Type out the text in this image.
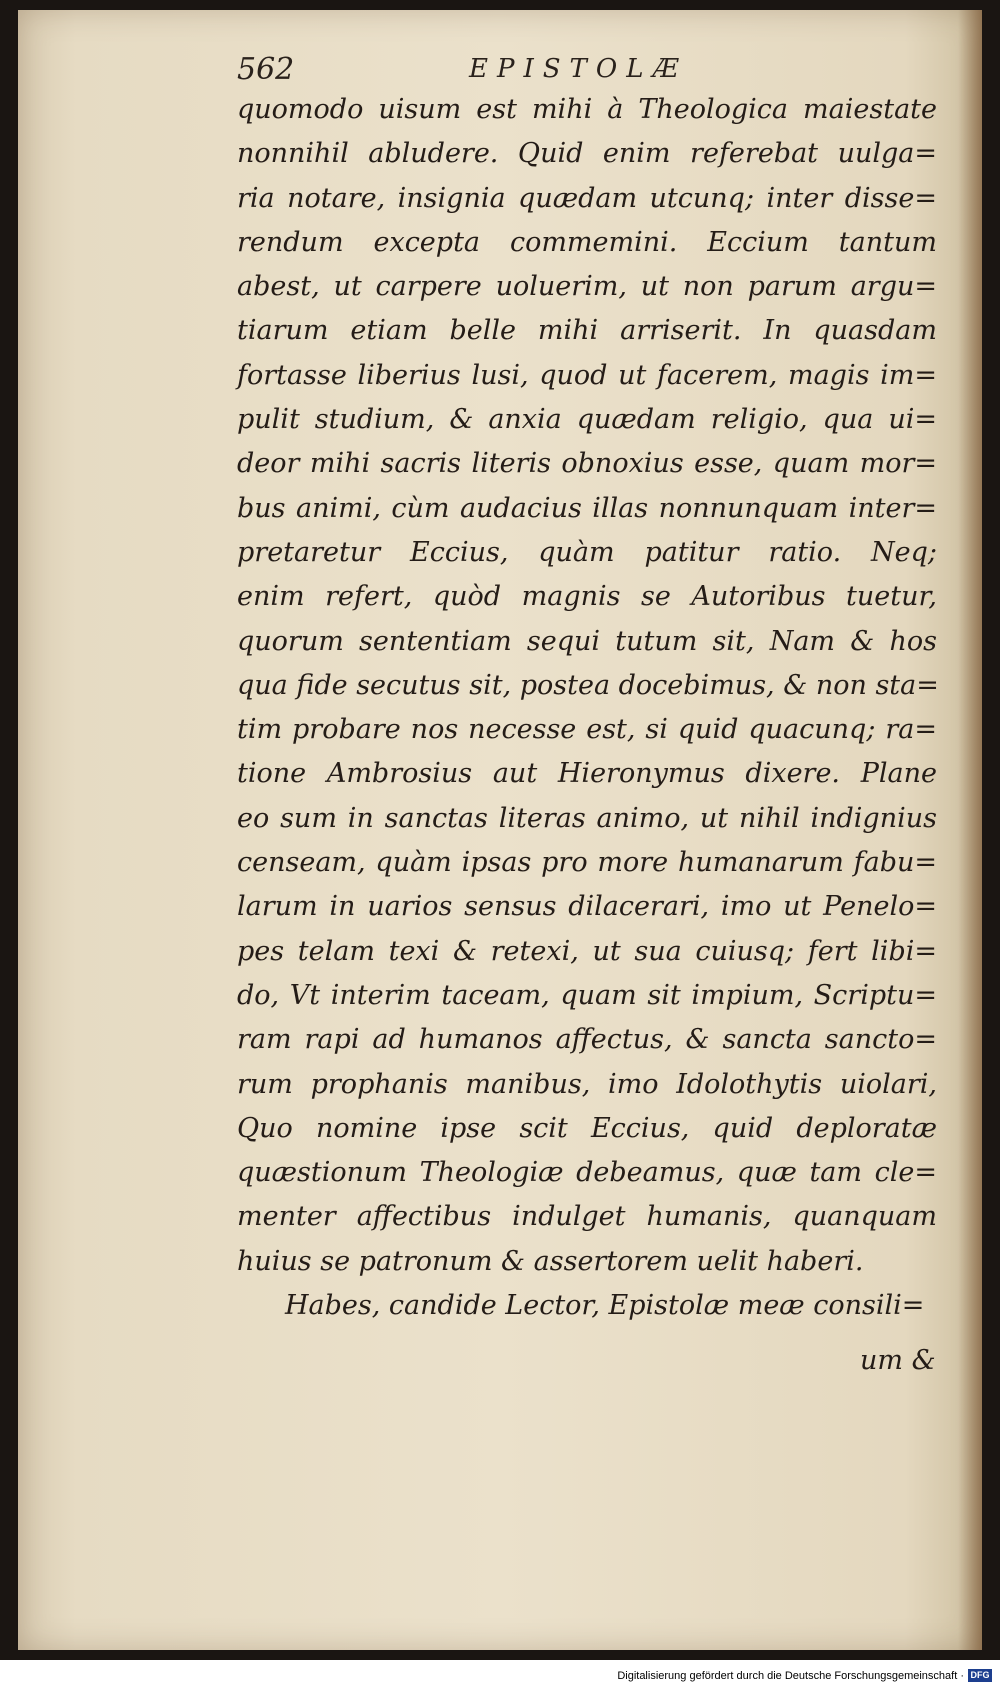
562	EPISTOLÆ
quomodo uisum est mihi à Theologica maiestate
nonnihil abludere. Quid enim referebat uulga=
ria notare, insignia quædam utcunq; inter disse=
rendum excepta commemini. Eccium tantum
abest, ut carpere uoluerim, ut non parum argu=
tiarum etiam belle mihi arriserit. In quasdam
fortasse liberius lusi, quod ut facerem, magis im=
pulit studium, & anxia quædam religio, qua ui=
deor mihi sacris literis obnoxius esse, quam mor=
bus animi, cùm audacius illas nonnunquam inter=
pretaretur Eccius, quàm patitur ratio. Neq;
enim refert, quòd magnis se Autoribus tuetur,
quorum sententiam sequi tutum sit, Nam & hos
qua fide secutus sit, postea docebimus, & non sta=
tim probare nos necesse est, si quid quacunq; ra=
tione Ambrosius aut Hieronymus dixere. Plane
eo sum in sanctas literas animo, ut nihil indignius
censeam, quàm ipsas pro more humanarum fabu=
larum in uarios sensus dilacerari, imo ut Penelo=
pes telam texi & retexi, ut sua cuiusq; fert libi=
do, Vt interim taceam, quam sit impium, Scriptu=
ram rapi ad humanos affectus, & sancta sancto=
rum prophanis manibus, imo Idolothytis uiolari,
Quo nomine ipse scit Eccius, quid deploratæ
quæstionum Theologiæ debeamus, quæ tam cle=
menter affectibus indulget humanis, quanquam
huius se patronum & assertorem uelit haberi.
Habes, candide Lector, Epistolæ meæ consili=
um &
Digitalisierung gefördert durch die Deutsche Forschungsgemeinschaft · DFG
